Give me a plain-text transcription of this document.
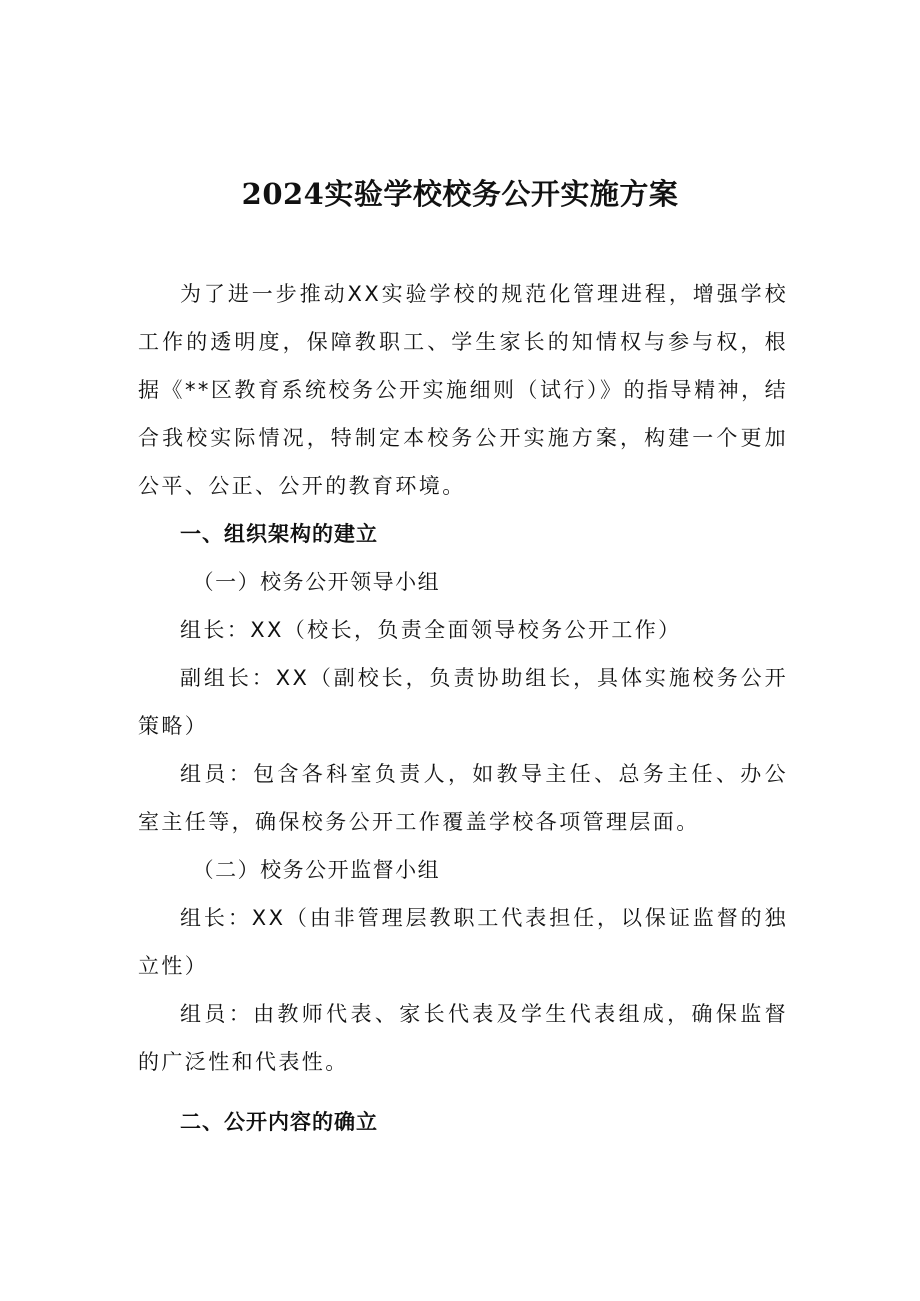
2024实验学校校务公开实施方案

为了进一步推动XX实验学校的规范化管理进程，增强学校工作的透明度，保障教职工、学生家长的知情权与参与权，根据《**区教育系统校务公开实施细则（试行）》的指导精神，结合我校实际情况，特制定本校务公开实施方案，构建一个更加公平、公正、公开的教育环境。

一、组织架构的建立

（一）校务公开领导小组

组长：XX（校长，负责全面领导校务公开工作）

副组长：XX（副校长，负责协助组长，具体实施校务公开策略）

组员：包含各科室负责人，如教导主任、总务主任、办公室主任等，确保校务公开工作覆盖学校各项管理层面。

（二）校务公开监督小组

组长：XX（由非管理层教职工代表担任，以保证监督的独立性）

组员：由教师代表、家长代表及学生代表组成，确保监督的广泛性和代表性。

二、公开内容的确立
